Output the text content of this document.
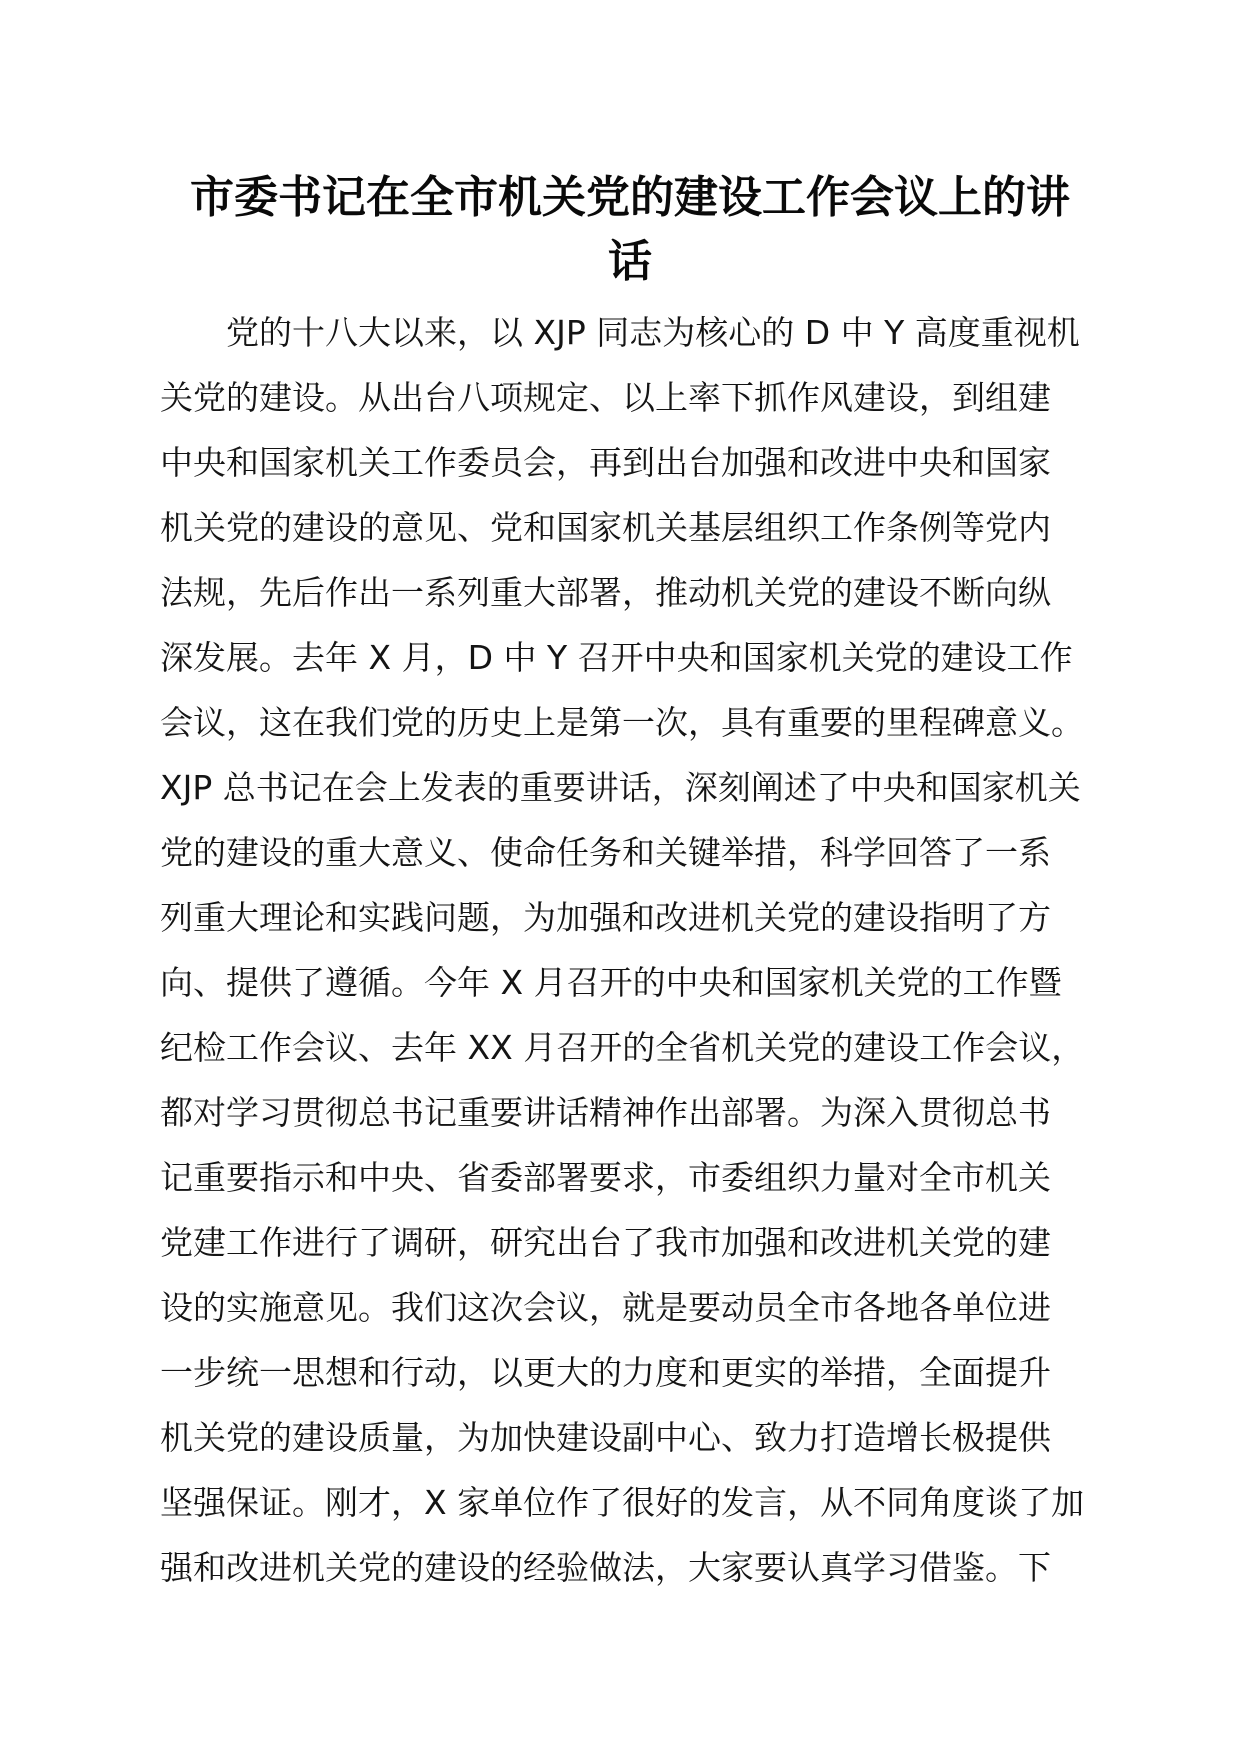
市委书记在全市机关党的建设工作会议上的讲
话
党的十八大以来，以 XJP 同志为核心的 D 中 Y 高度重视机
关党的建设。从出台八项规定、以上率下抓作风建设，到组建
中央和国家机关工作委员会，再到出台加强和改进中央和国家
机关党的建设的意见、党和国家机关基层组织工作条例等党内
法规，先后作出一系列重大部署，推动机关党的建设不断向纵
深发展。去年 X 月，D 中 Y 召开中央和国家机关党的建设工作
会议，这在我们党的历史上是第一次，具有重要的里程碑意义。
XJP 总书记在会上发表的重要讲话，深刻阐述了中央和国家机关
党的建设的重大意义、使命任务和关键举措，科学回答了一系
列重大理论和实践问题，为加强和改进机关党的建设指明了方
向、提供了遵循。今年 X 月召开的中央和国家机关党的工作暨
纪检工作会议、去年 XX 月召开的全省机关党的建设工作会议，
都对学习贯彻总书记重要讲话精神作出部署。为深入贯彻总书
记重要指示和中央、省委部署要求，市委组织力量对全市机关
党建工作进行了调研，研究出台了我市加强和改进机关党的建
设的实施意见。我们这次会议，就是要动员全市各地各单位进
一步统一思想和行动，以更大的力度和更实的举措，全面提升
机关党的建设质量，为加快建设副中心、致力打造增长极提供
坚强保证。刚才，X 家单位作了很好的发言，从不同角度谈了加
强和改进机关党的建设的经验做法，大家要认真学习借鉴。下
